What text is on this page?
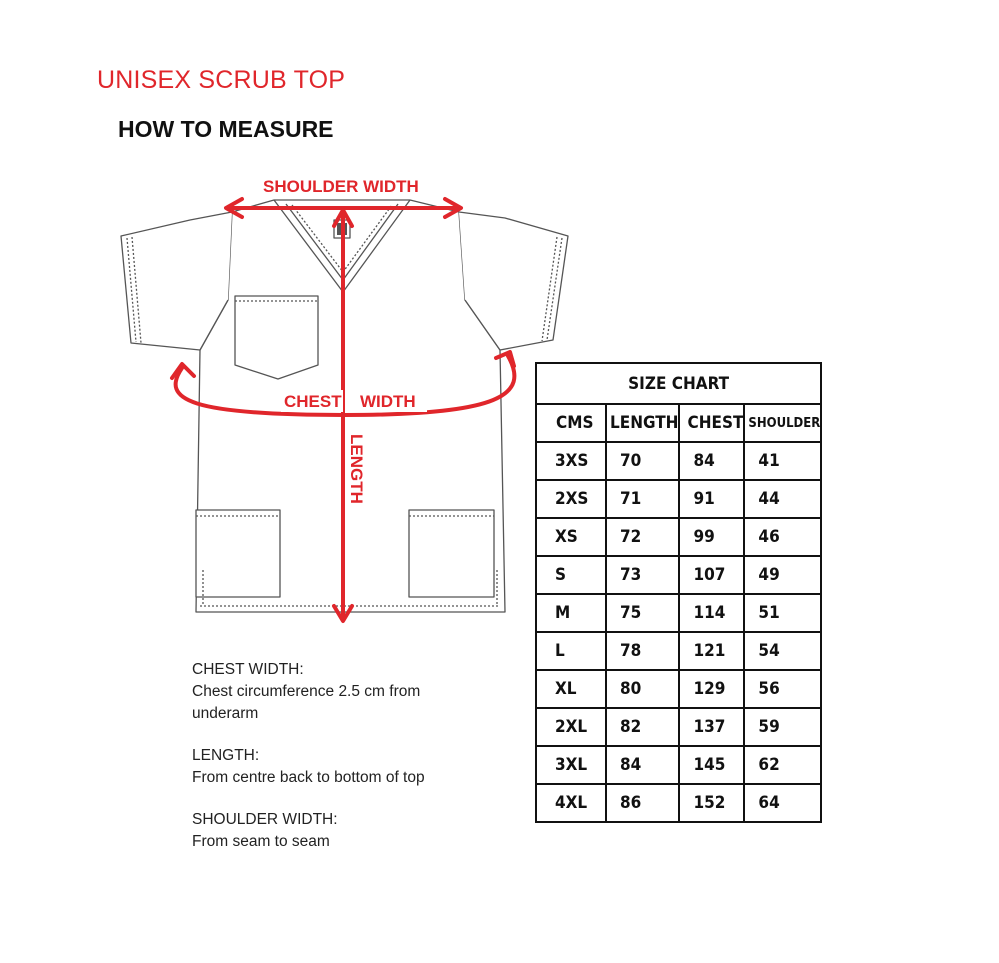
UNISEX SCRUB TOP
HOW TO MEASURE
SHOULDER WIDTH
CHEST WIDTH
LENGTH
CHEST WIDTH:
Chest circumference 2.5 cm from underarm
LENGTH:
From centre back to bottom of top
SHOULDER WIDTH:
From seam to seam
SIZE CHART			
CMS	LENGTH	CHEST	SHOULDER
3XS	70	84	41
2XS	71	91	44
XS	72	99	46
S	73	107	49
M	75	114	51
L	78	121	54
XL	80	129	56
2XL	82	137	59
3XL	84	145	62
4XL	86	152	64
